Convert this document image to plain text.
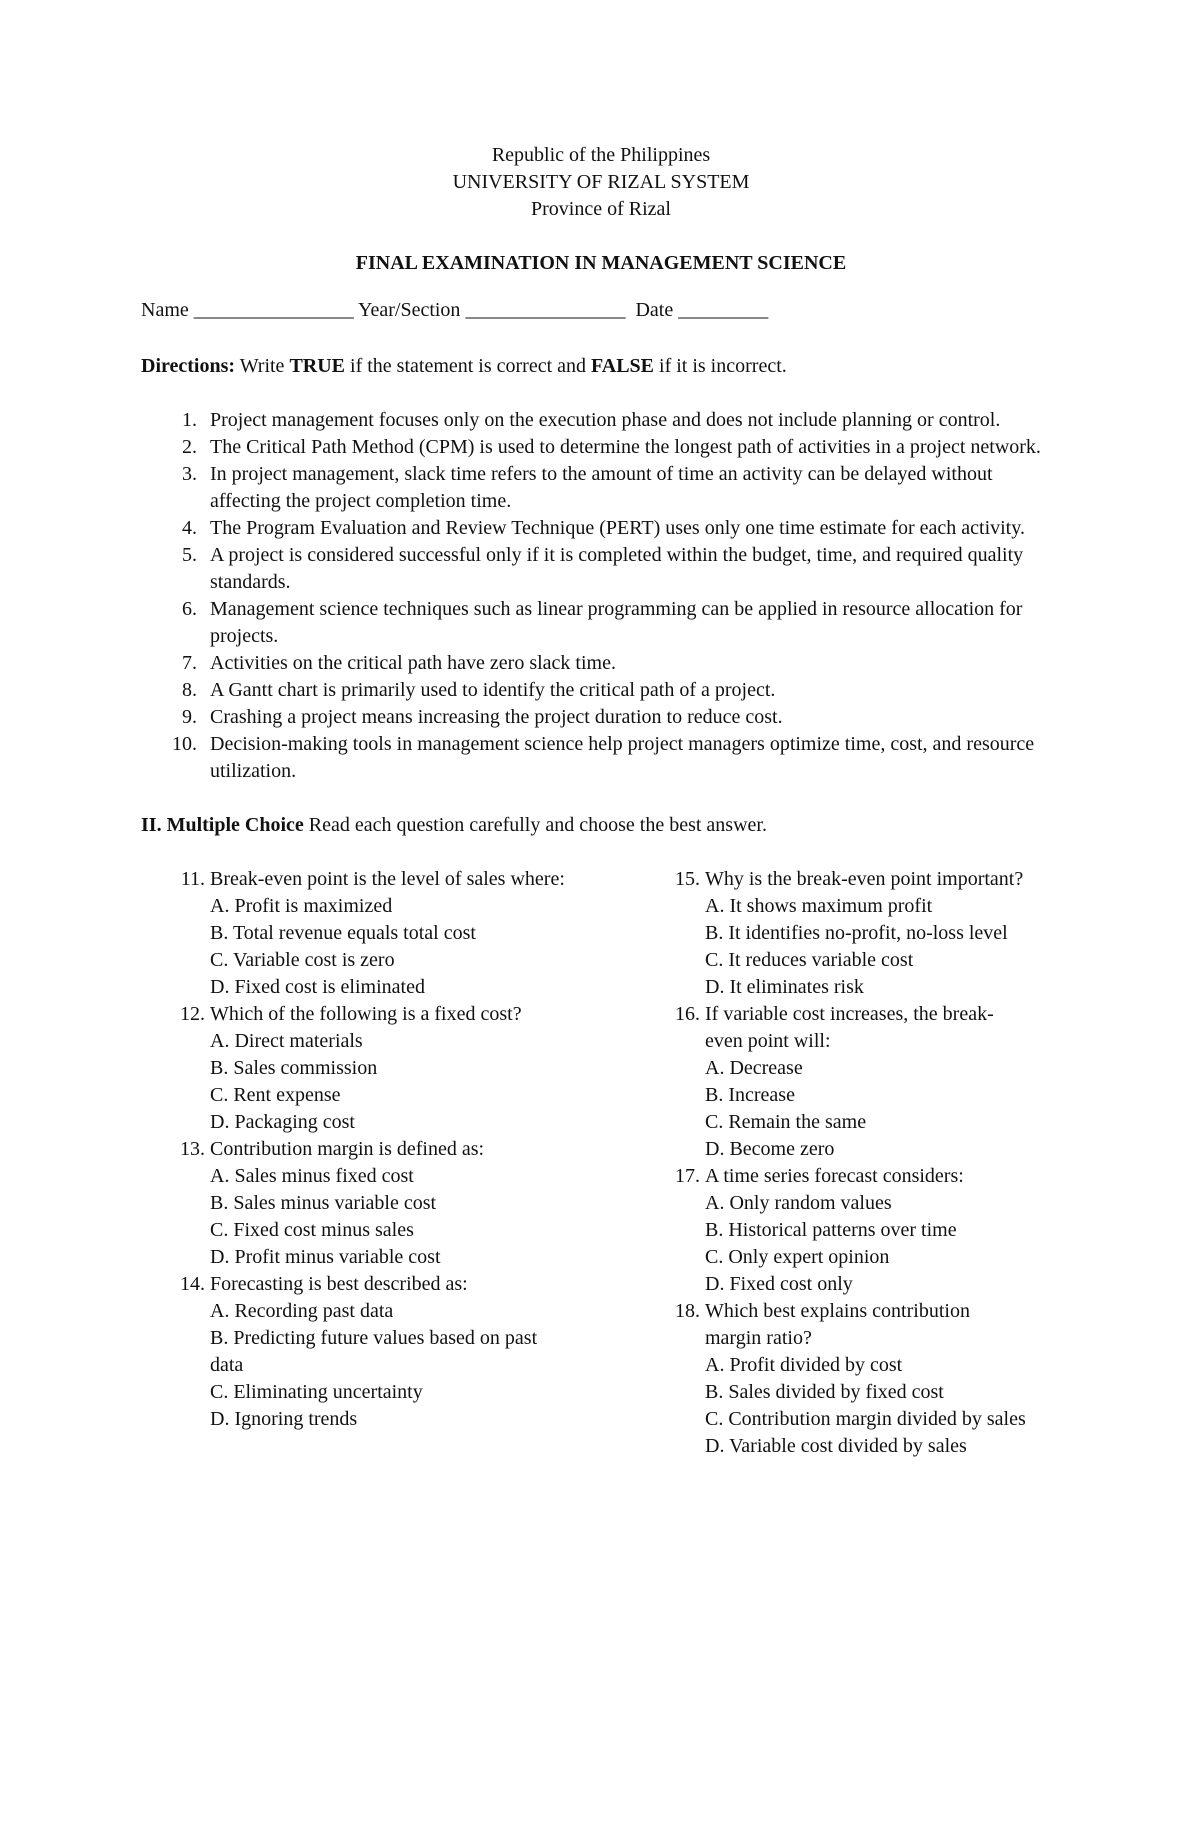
Republic of the Philippines
UNIVERSITY OF RIZAL SYSTEM
Province of Rizal
FINAL EXAMINATION IN MANAGEMENT SCIENCE
Name ________________ Year/Section ________________ Date _________
Directions: Write TRUE if the statement is correct and FALSE if it is incorrect.
1. Project management focuses only on the execution phase and does not include planning or control.
2. The Critical Path Method (CPM) is used to determine the longest path of activities in a project network.
3. In project management, slack time refers to the amount of time an activity can be delayed without affecting the project completion time.
4. The Program Evaluation and Review Technique (PERT) uses only one time estimate for each activity.
5. A project is considered successful only if it is completed within the budget, time, and required quality standards.
6. Management science techniques such as linear programming can be applied in resource allocation for projects.
7. Activities on the critical path have zero slack time.
8. A Gantt chart is primarily used to identify the critical path of a project.
9. Crashing a project means increasing the project duration to reduce cost.
10. Decision-making tools in management science help project managers optimize time, cost, and resource utilization.
II. Multiple Choice Read each question carefully and choose the best answer.
11. Break-even point is the level of sales where:
A. Profit is maximized
B. Total revenue equals total cost
C. Variable cost is zero
D. Fixed cost is eliminated
12. Which of the following is a fixed cost?
A. Direct materials
B. Sales commission
C. Rent expense
D. Packaging cost
13. Contribution margin is defined as:
A. Sales minus fixed cost
B. Sales minus variable cost
C. Fixed cost minus sales
D. Profit minus variable cost
14. Forecasting is best described as:
A. Recording past data
B. Predicting future values based on past data
C. Eliminating uncertainty
D. Ignoring trends
15. Why is the break-even point important?
A. It shows maximum profit
B. It identifies no-profit, no-loss level
C. It reduces variable cost
D. It eliminates risk
16. If variable cost increases, the break-even point will:
A. Decrease
B. Increase
C. Remain the same
D. Become zero
17. A time series forecast considers:
A. Only random values
B. Historical patterns over time
C. Only expert opinion
D. Fixed cost only
18. Which best explains contribution margin ratio?
A. Profit divided by cost
B. Sales divided by fixed cost
C. Contribution margin divided by sales
D. Variable cost divided by sales
